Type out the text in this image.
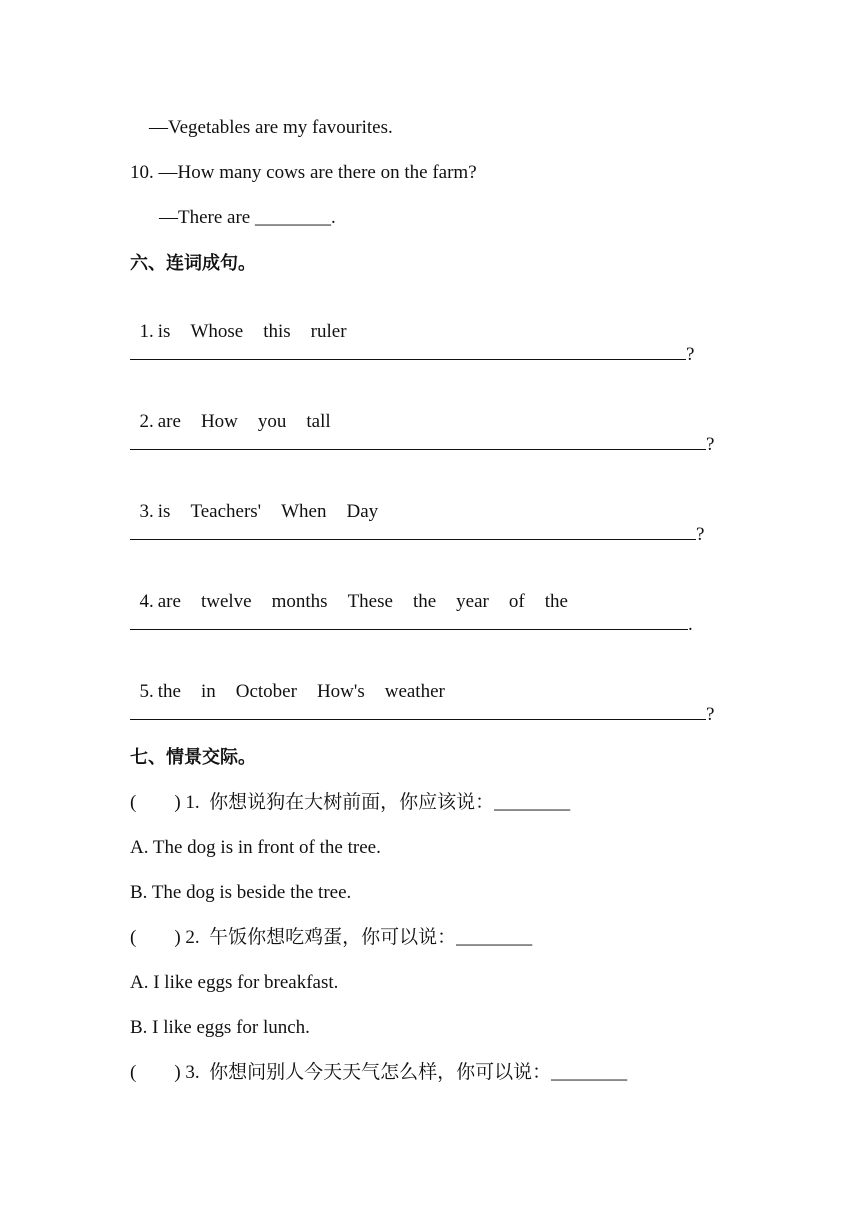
—Vegetables are my favourites.
10. —How many cows are there on the farm?
—There are ________.
六、连词成句。

1. is Whose this ruler

?

2. are How you tall

?

3. is Teachers' When Day

?

4. are twelve months These the year of the

.

5. the in October How's weather

?
七、情景交际。
(        ) 1.  你想说狗在大树前面，你应该说：________
A. The dog is in front of the tree.
B. The dog is beside the tree.
(        ) 2.  午饭你想吃鸡蛋，你可以说：________
A. I like eggs for breakfast.
B. I like eggs for lunch.
(        ) 3.  你想问别人今天天气怎么样，你可以说：________
